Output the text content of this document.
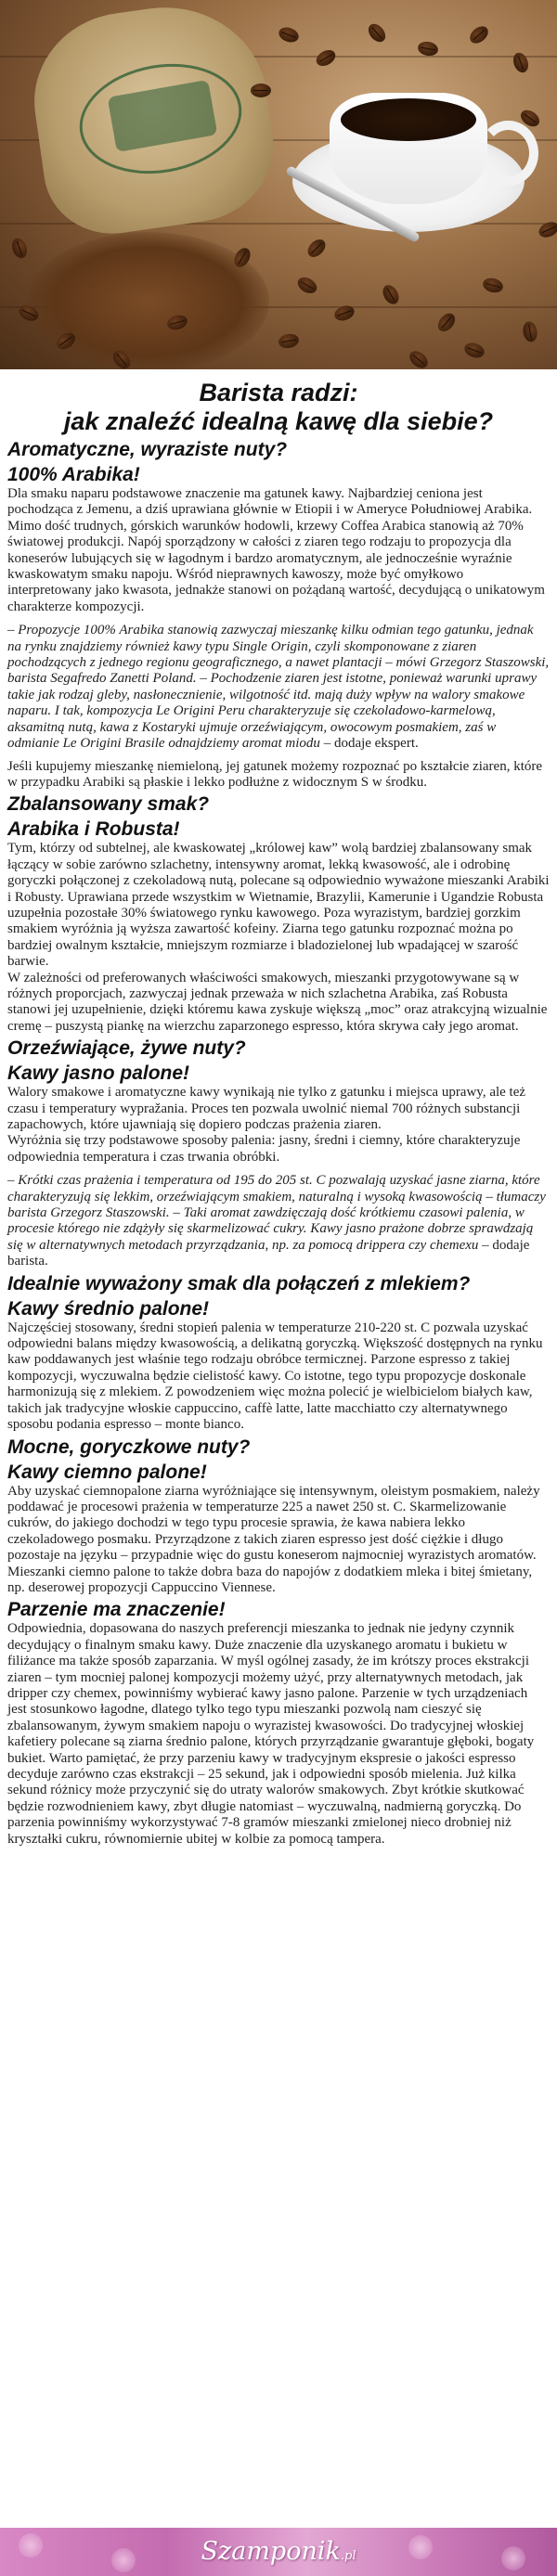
Barista radzi:
jak znaleźć idealną kawę dla siebie?
Aromatyczne, wyraziste nuty?
100% Arabika!

Dla smaku naparu podstawowe znaczenie ma gatunek kawy. Najbardziej ceniona jest pochodząca z Jemenu, a dziś uprawiana głównie w Etiopii i w Ameryce Południowej Arabika. Mimo dość trudnych, górskich warunków hodowli, krzewy Coffea Arabica stanowią aż 70% światowej produkcji. Napój sporządzony w całości z ziaren tego rodzaju to propozycja dla koneserów lubujących się w łagodnym i bardzo aromatycznym, ale jednocześnie wyraźnie kwaskowatym smaku napoju. Wśród nieprawnych kawoszy, może być omyłkowo interpretowany jako kwasota, jednakże stanowi on pożądaną wartość, decydującą o unikatowym charakterze kompozycji.

– Propozycje 100% Arabika stanowią zazwyczaj mieszankę kilku odmian tego gatunku, jednak na rynku znajdziemy również kawy typu Single Origin, czyli skomponowane z ziaren pochodzących z jednego regionu geograficznego, a nawet plantacji – mówi Grzegorz Staszowski, barista Segafredo Zanetti Poland. – Pochodzenie ziaren jest istotne, ponieważ warunki uprawy takie jak rodzaj gleby, nasłonecznienie, wilgotność itd. mają duży wpływ na walory smakowe naparu. I tak, kompozycja Le Origini Peru charakteryzuje się czekoladowo-karmelową, aksamitną nutą, kawa z Kostaryki ujmuje orzeźwiającym, owocowym posmakiem, zaś w odmianie Le Origini Brasile odnajdziemy aromat miodu – dodaje ekspert.

Jeśli kupujemy mieszankę niemieloną, jej gatunek możemy rozpoznać po kształcie ziaren, które w przypadku Arabiki są płaskie i lekko podłużne z widocznym S w środku.

Zbalansowany smak?
Arabika i Robusta!

Tym, którzy od subtelnej, ale kwaskowatej „królowej kaw” wolą bardziej zbalansowany smak łączący w sobie zarówno szlachetny, intensywny aromat, lekką kwasowość, ale i odrobinę goryczki połączonej z czekoladową nutą, polecane są odpowiednio wyważone mieszanki Arabiki i Robusty. Uprawiana przede wszystkim w Wietnamie, Brazylii, Kamerunie i Ugandzie Robusta uzupełnia pozostałe 30% światowego rynku kawowego. Poza wyrazistym, bardziej gorzkim smakiem wyróżnia ją wyższa zawartość kofeiny. Ziarna tego gatunku rozpoznać można po bardziej owalnym kształcie, mniejszym rozmiarze i bladozielonej lub wpadającej w szarość barwie.

W zależności od preferowanych właściwości smakowych, mieszanki przygotowywane są w różnych proporcjach, zazwyczaj jednak przeważa w nich szlachetna Arabika, zaś Robusta stanowi jej uzupełnienie, dzięki któremu kawa zyskuje większą „moc” oraz atrakcyjną wizualnie cremę – puszystą piankę na wierzchu zaparzonego espresso, która skrywa cały jego aromat.

Orzeźwiające, żywe nuty?
Kawy jasno palone!

Walory smakowe i aromatyczne kawy wynikają nie tylko z gatunku i miejsca uprawy, ale też czasu i temperatury wypražania. Proces ten pozwala uwolnić niemal 700 różnych substancji zapachowych, które ujawniają się dopiero podczas prażenia ziaren.

Wyróżnia się trzy podstawowe sposoby palenia: jasny, średni i ciemny, które charakteryzuje odpowiednia temperatura i czas trwania obróbki.

– Krótki czas prażenia i temperatura od 195 do 205 st. C pozwalają uzyskać jasne ziarna, które charakteryzują się lekkim, orzeźwiającym smakiem, naturalną i wysoką kwasowością – tłumaczy barista Grzegorz Staszowski. – Taki aromat zawdzięczają dość krótkiemu czasowi palenia, w procesie którego nie zdążyły się skarmelizować cukry. Kawy jasno prażone dobrze sprawdzają się w alternatywnych metodach przyrządzania, np. za pomocą drippera czy chemexu – dodaje barista.

Idealnie wyważony smak dla połączeń z mlekiem?
Kawy średnio palone!

Najczęściej stosowany, średni stopień palenia w temperaturze 210-220 st. C pozwala uzyskać odpowiedni balans między kwasowością, a delikatną goryczką. Większość dostępnych na rynku kaw poddawanych jest właśnie tego rodzaju obróbce termicznej. Parzone espresso z takiej kompozycji, wyczuwalna będzie cielistość kawy. Co istotne, tego typu propozycje doskonale harmonizują się z mlekiem. Z powodzeniem więc można polecić je wielbicielom białych kaw, takich jak tradycyjne włoskie cappuccino, caffè latte, latte macchiatto czy alternatywnego sposobu podania espresso – monte bianco.

Mocne, goryczkowe nuty?
Kawy ciemno palone!

Aby uzyskać ciemnopalone ziarna wyróżniające się intensywnym, oleistym posmakiem, należy poddawać je procesowi prażenia w temperaturze 225 a nawet 250 st. C. Skarmelizowanie cukrów, do jakiego dochodzi w tego typu procesie sprawia, że kawa nabiera lekko czekoladowego posmaku. Przyrządzone z takich ziaren espresso jest dość ciężkie i długo pozostaje na języku – przypadnie więc do gustu koneserom najmocniej wyrazistych aromatów. Mieszanki ciemno palone to także dobra baza do napojów z dodatkiem mleka i bitej śmietany, np. deserowej propozycji Cappuccino Viennese.

Parzenie ma znaczenie!

Odpowiednia, dopasowana do naszych preferencji mieszanka to jednak nie jedyny czynnik decydujący o finalnym smaku kawy. Duże znaczenie dla uzyskanego aromatu i bukietu w filiżance ma także sposób zaparzania. W myśl ogólnej zasady, że im krótszy proces ekstrakcji ziaren – tym mocniej palonej kompozycji możemy użyć, przy alternatywnych metodach, jak dripper czy chemex, powinniśmy wybierać kawy jasno palone. Parzenie w tych urządzeniach jest stosunkowo łagodne, dlatego tylko tego typu mieszanki pozwolą nam cieszyć się zbalansowanym, żywym smakiem napoju o wyrazistej kwasowości. Do tradycyjnej włoskiej kafetiery polecane są ziarna średnio palone, których przyrządzanie gwarantuje głęboki, bogaty bukiet. Warto pamiętać, że przy parzeniu kawy w tradycyjnym ekspresie o jakości espresso decyduje zarówno czas ekstrakcji – 25 sekund, jak i odpowiedni sposób mielenia. Już kilka sekund różnicy może przyczynić się do utraty walorów smakowych. Zbyt krótkie skutkować będzie rozwodnieniem kawy, zbyt długie natomiast – wyczuwalną, nadmierną goryczką. Do parzenia powinniśmy wykorzystywać 7-8 gramów mieszanki zmielonej nieco drobniej niż kryształki cukru, równomiernie ubitej w kolbie za pomocą tampera.

Szamponik.pl
